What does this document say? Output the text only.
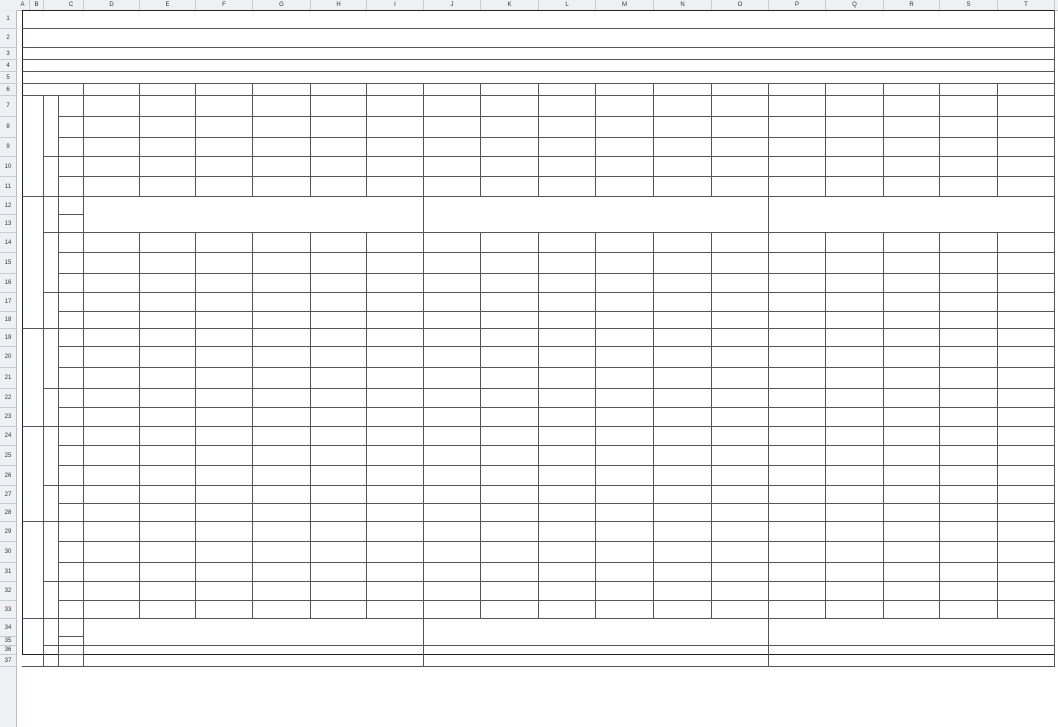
A	B	C	D	E	F	G	H	I	J	K	L	M	N	O	P	Q	R	S	T
1
2
3
4
5
6
7
8
9
10
11
12
13
14
15
16
17
18
19
20
21
22
23
24
25
26
27
28
29
30
31
32
33
34
35
36
37
